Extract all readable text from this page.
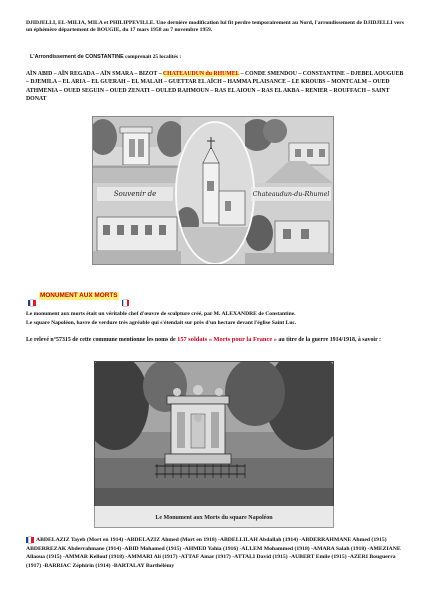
DJIDJELLI, EL-MILIA, MILA et PHILIPPEVILLE. Une dernière modification lui fit perdre temporairement au Nord, l'arrondissement de DJIDJELLI vers un éphémère département de BOUGIE, du 17 mars 1958 au 7 novembre 1959.

L'Arrondissement de CONSTANTINE comprenait 25 localités :

AÏN ABID – AÏN REGADA – AÏN SMARA – BIZOT – CHATEAUDUN du RHUMEL – CONDE SMENDOU – CONSTANTINE – DJEBEL AOUGUEB – DJEMILA – EL ARIA – EL GUERAH – EL MALAH – GUETTAR EL AÏCH – HAMMA PLAISANCE – LE KROUBS – MONTCALM – OUED ATHMENIA – OUED SEGUIN – OUED ZENATI – OULED RAHMOUN – RAS EL AIOUN – RAS EL AKBA – RENIER – ROUFFACH – SAINT DONAT

Souvenir de	Chateaudun-du-Rhumel
MONUMENT AUX MORTS

Le monument aux morts était un véritable chef d'œuvre de sculpture créé, par M. ALEXANDRE de Constantine.

Le square Napoléon, havre de verdure très agréable qui s'étendait sur près d'un hectare devant l'église Saint Luc.

Le relevé n°57315 de cette commune mentionne les noms de 157 soldats « Morts pour la France » au titre de la guerre 1914/1918, à savoir :

Le Monument aux Morts du square Napoléon

ABDELAZIZ Tayeb (Mort en 1914) -ABDELAZIZ Ahmed (Mort en 1918) -ABDELLILAH Abdallah (1914) -ABDERRAHMANE Ahmed (1915) ABDERREZAK Abderrahmane (1914) -ABID Mohamed (1915) -AHMED Yahia (1916) -ALLEM Mohammed (1918) -AMARA Salah (1918) -AMEZIANE Allaoua (1915) -AMMAR Kellouf (1918) -AMMARI Ali (1917) -ATTAF Amar (1917) -ATTALI David (1915) -AUBERT Emile (1915) -AZERI Bouguerra (1917) -BARRIAC Zéphirin (1914) -BARTALAY Barthélémy
